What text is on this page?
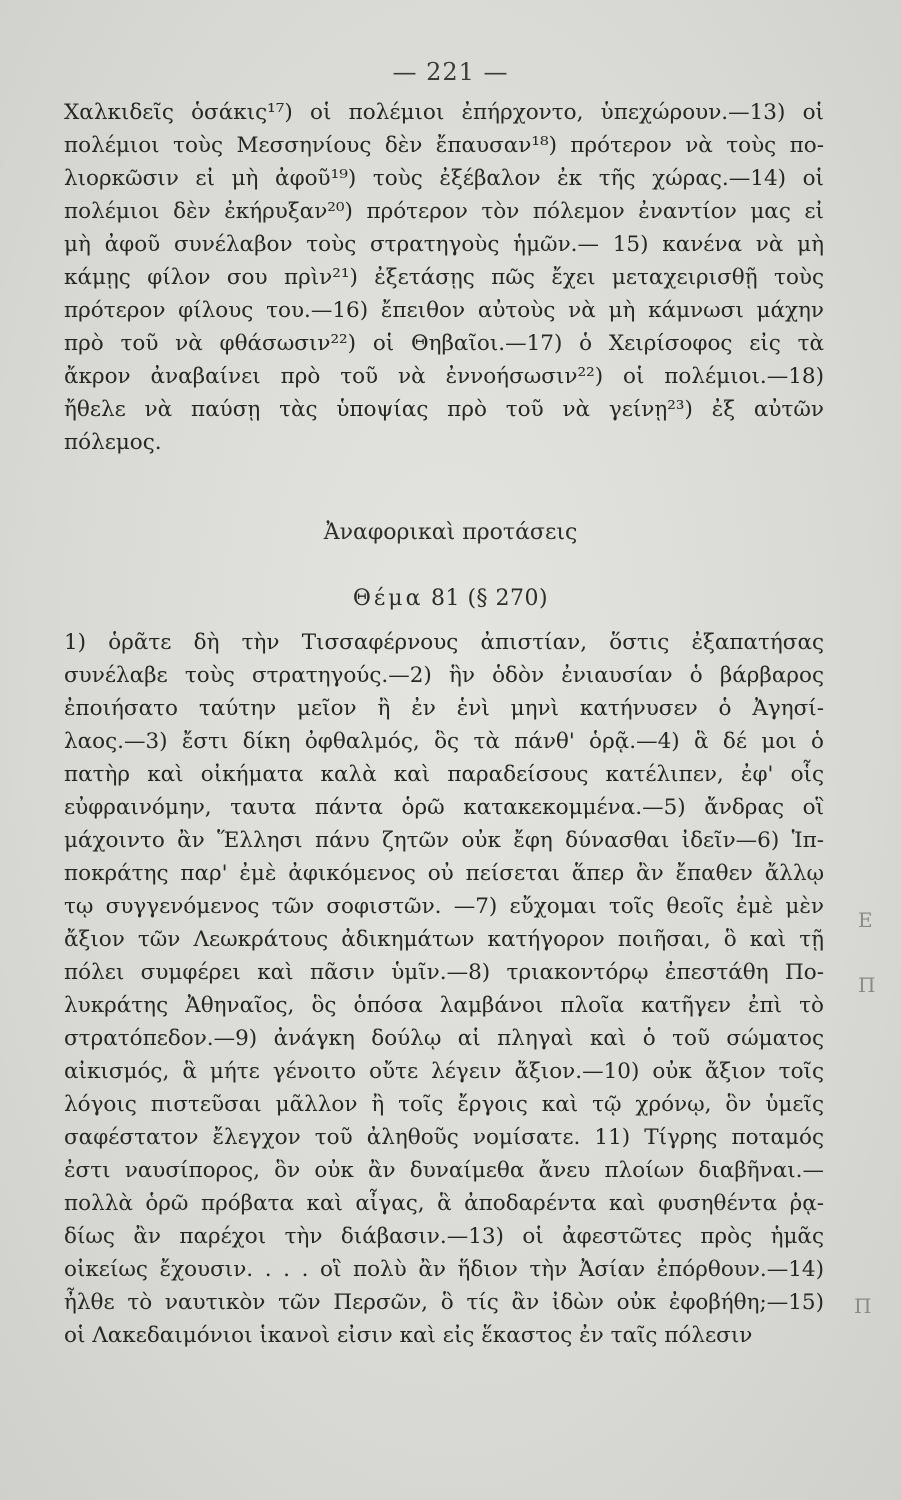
— 221 —
Χαλκιδεῖς ὁσάκις¹⁷) οἱ πολέμιοι ἐπήρχοντο, ὑπεχώρουν.—13) οἱ
πολέμιοι τοὺς Μεσσηνίους δὲν ἔπαυσαν¹⁸) πρότερον νὰ τοὺς πο-
λιορκῶσιν εἰ μὴ ἀφοῦ¹⁹) τοὺς ἐξέβαλον ἐκ τῆς χώρας.—14) οἱ
πολέμιοι δὲν ἐκήρυξαν²⁰) πρότερον τὸν πόλεμον ἐναντίον μας εἰ
μὴ ἀφοῦ συνέλαβον τοὺς στρατηγοὺς ἡμῶν.— 15) κανένα νὰ μὴ
κάμῃς φίλον σου πρὶν²¹) ἐξετάσῃς πῶς ἔχει μεταχειρισθῇ τοὺς
πρότερον φίλους του.—16) ἔπειθον αὐτοὺς νὰ μὴ κάμνωσι μάχην
πρὸ τοῦ νὰ φθάσωσιν²²) οἱ Θηβαῖοι.—17) ὁ Χειρίσοφος εἰς τὰ
ἄκρον ἀναβαίνει πρὸ τοῦ νὰ ἐννοήσωσιν²²) οἱ πολέμιοι.—18)
ἤθελε νὰ παύσῃ τὰς ὑποψίας πρὸ τοῦ νὰ γείνῃ²³) ἐξ αὐτῶν
πόλεμος.
Ἀναφορικαὶ προτάσεις
Θέμα 81 (§ 270)
1) ὁρᾶτε δὴ τὴν Τισσαφέρνους ἀπιστίαν, ὅστις ἐξαπατήσας
συνέλαβε τοὺς στρατηγούς.—2) ἣν ὁδὸν ἐνιαυσίαν ὁ βάρβαρος
ἐποιήσατο ταύτην μεῖον ἢ ἐν ἑνὶ μηνὶ κατήνυσεν ὁ Ἀγησί-
λαος.—3) ἔστι δίκη ὀφθαλμός, ὃς τὰ πάνθ' ὁρᾷ.—4) ἃ δέ μοι ὁ
πατὴρ καὶ οἰκήματα καλὰ καὶ παραδείσους κατέλιπεν, ἐφ' οἷς
εὐφραινόμην, ταυτα πάντα ὁρῶ κατακεκομμένα.—5) ἄνδρας οἳ
μάχοιντο ἂν Ἕλλησι πάνυ ζητῶν οὐκ ἔφη δύνασθαι ἰδεῖν—6) Ἱπ-
ποκράτης παρ' ἐμὲ ἀφικόμενος οὐ πείσεται ἅπερ ἂν ἔπαθεν ἄλλῳ
τῳ συγγενόμενος τῶν σοφιστῶν. —7) εὔχομαι τοῖς θεοῖς ἐμὲ μὲν
ἄξιον τῶν Λεωκράτους ἀδικημάτων κατήγορον ποιῆσαι, ὃ καὶ τῇ
πόλει συμφέρει καὶ πᾶσιν ὑμῖν.—8) τριακοντόρῳ ἐπεστάθη Πο-
λυκράτης Ἀθηναῖος, ὃς ὁπόσα λαμβάνοι πλοῖα κατῆγεν ἐπὶ τὸ
στρατόπεδον.—9) ἀνάγκη δούλῳ αἱ πληγαὶ καὶ ὁ τοῦ σώματος
αἰκισμός, ἃ μήτε γένοιτο οὔτε λέγειν ἄξιον.—10) οὐκ ἄξιον τοῖς
λόγοις πιστεῦσαι μᾶλλον ἢ τοῖς ἔργοις καὶ τῷ χρόνῳ, ὃν ὑμεῖς
σαφέστατον ἔλεγχον τοῦ ἀληθοῦς νομίσατε. 11) Τίγρης ποταμός
ἐστι ναυσίπορος, ὃν οὐκ ἂν δυναίμεθα ἄνευ πλοίων διαβῆναι.—
πολλὰ ὁρῶ πρόβατα καὶ αἶγας, ἃ ἀποδαρέντα καὶ φυσηθέντα ῥᾳ-
δίως ἂν παρέχοι τὴν διάβασιν.—13) οἱ ἀφεστῶτες πρὸς ἡμᾶς
οἰκείως ἔχουσιν. . . . οἳ πολὺ ἂν ἥδιον τὴν Ἀσίαν ἐπόρθουν.—14)
ἦλθε τὸ ναυτικὸν τῶν Περσῶν, ὃ τίς ἂν ἰδὼν οὐκ ἐφοβήθη;—15)
οἱ Λακεδαιμόνιοι ἱκανοὶ εἰσιν καὶ εἰς ἕκαστος ἐν ταῖς πόλεσιν
E
П
П
